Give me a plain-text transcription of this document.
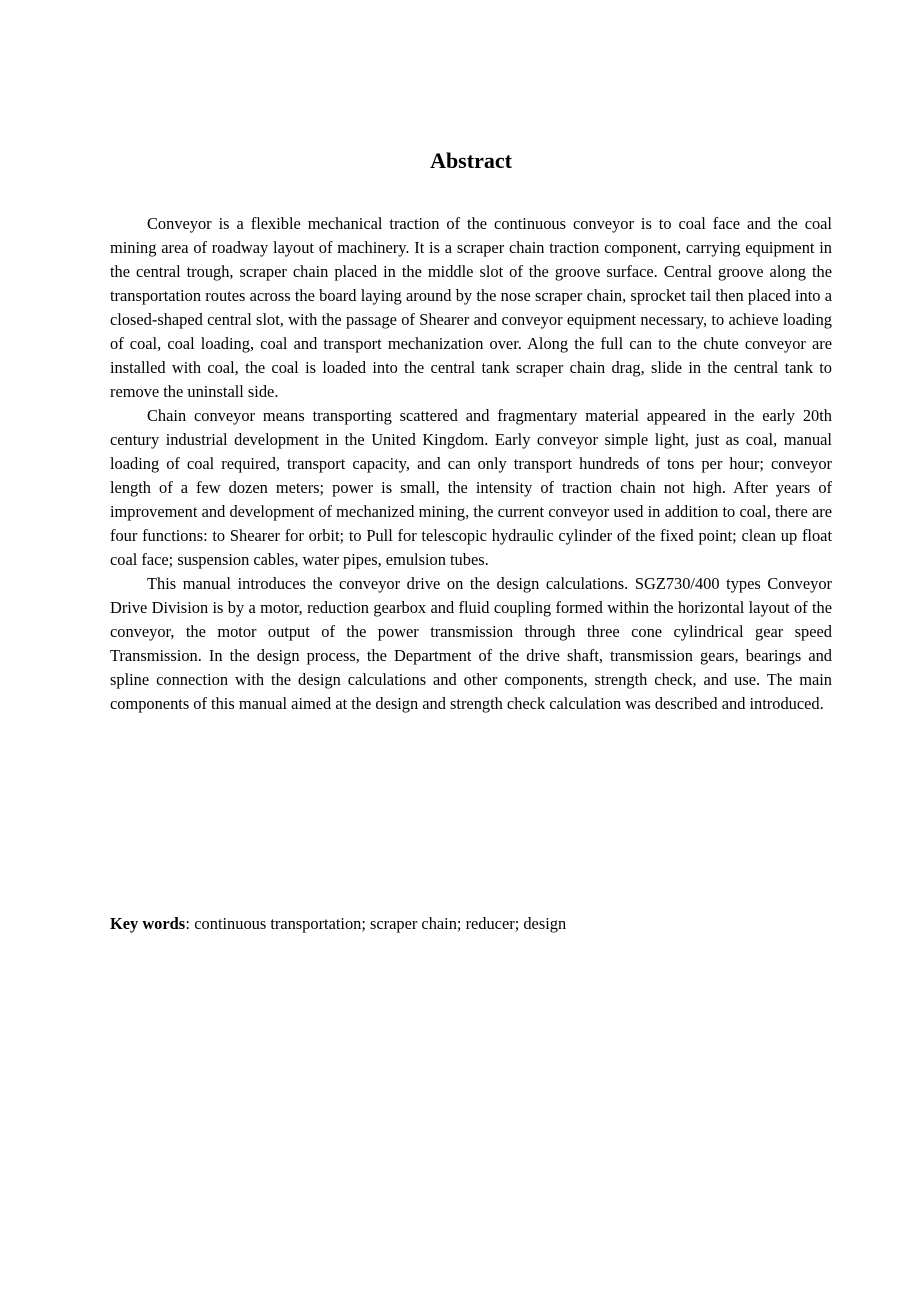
Abstract

Conveyor is a flexible mechanical traction of the continuous conveyor is to coal face and the coal mining area of roadway layout of machinery. It is a scraper chain traction component, carrying equipment in the central trough, scraper chain placed in the middle slot of the groove surface. Central groove along the transportation routes across the board laying around by the nose scraper chain, sprocket tail then placed into a closed-shaped central slot, with the passage of Shearer and conveyor equipment necessary, to achieve loading of coal, coal loading, coal and transport mechanization over. Along the full can to the chute conveyor are installed with coal, the coal is loaded into the central tank scraper chain drag, slide in the central tank to remove the uninstall side.

Chain conveyor means transporting scattered and fragmentary material appeared in the early 20th century industrial development in the United Kingdom. Early conveyor simple light, just as coal, manual loading of coal required, transport capacity, and can only transport hundreds of tons per hour; conveyor length of a few dozen meters; power is small, the intensity of traction chain not high. After years of improvement and development of mechanized mining, the current conveyor used in addition to coal, there are four functions: to Shearer for orbit; to Pull for telescopic hydraulic cylinder of the fixed point; clean up float coal face; suspension cables, water pipes, emulsion tubes.

This manual introduces the conveyor drive on the design calculations. SGZ730/400 types Conveyor Drive Division is by a motor, reduction gearbox and fluid coupling formed within the horizontal layout of the conveyor, the motor output of the power transmission through three cone cylindrical gear speed Transmission. In the design process, the Department of the drive shaft, transmission gears, bearings and spline connection with the design calculations and other components, strength check, and use. The main components of this manual aimed at the design and strength check calculation was described and introduced.

Key words: continuous transportation; scraper chain; reducer; design
